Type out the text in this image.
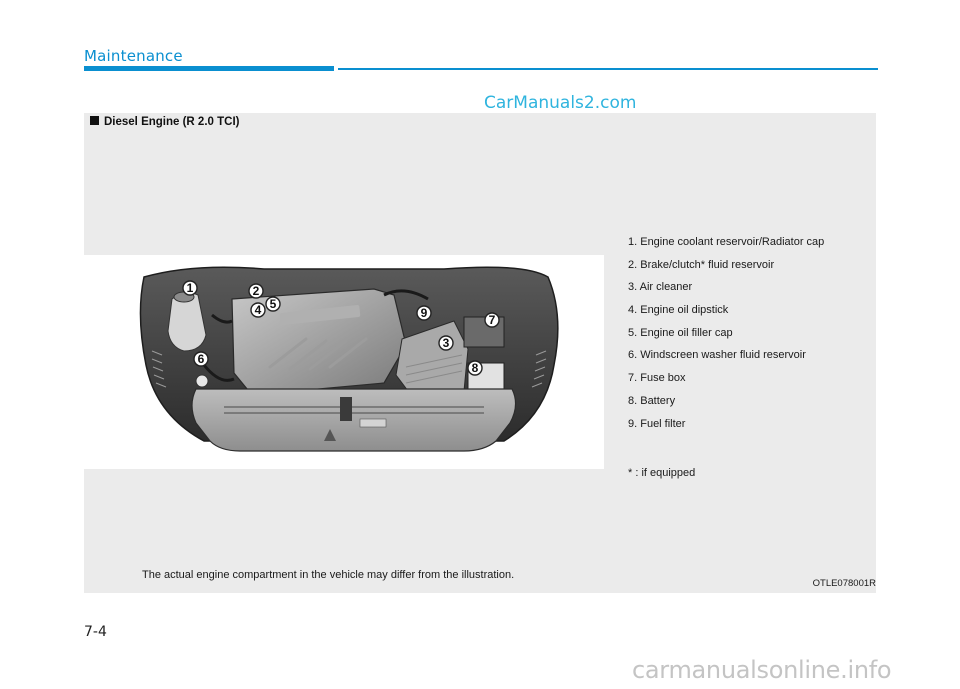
Maintenance
CarManuals2.com
Diesel Engine (R 2.0 TCI)
1	2
5
4	9	7
3
6
8
1. Engine coolant reservoir/Radiator cap
2. Brake/clutch* fluid reservoir
3. Air cleaner
4. Engine oil dipstick
5. Engine oil filler cap
6. Windscreen washer fluid reservoir
7. Fuse box
8. Battery
9. Fuel filter
* : if equipped
The actual engine compartment in the vehicle may differ from the illustration.
OTLE078001R
7-4
carmanualsonline.info
